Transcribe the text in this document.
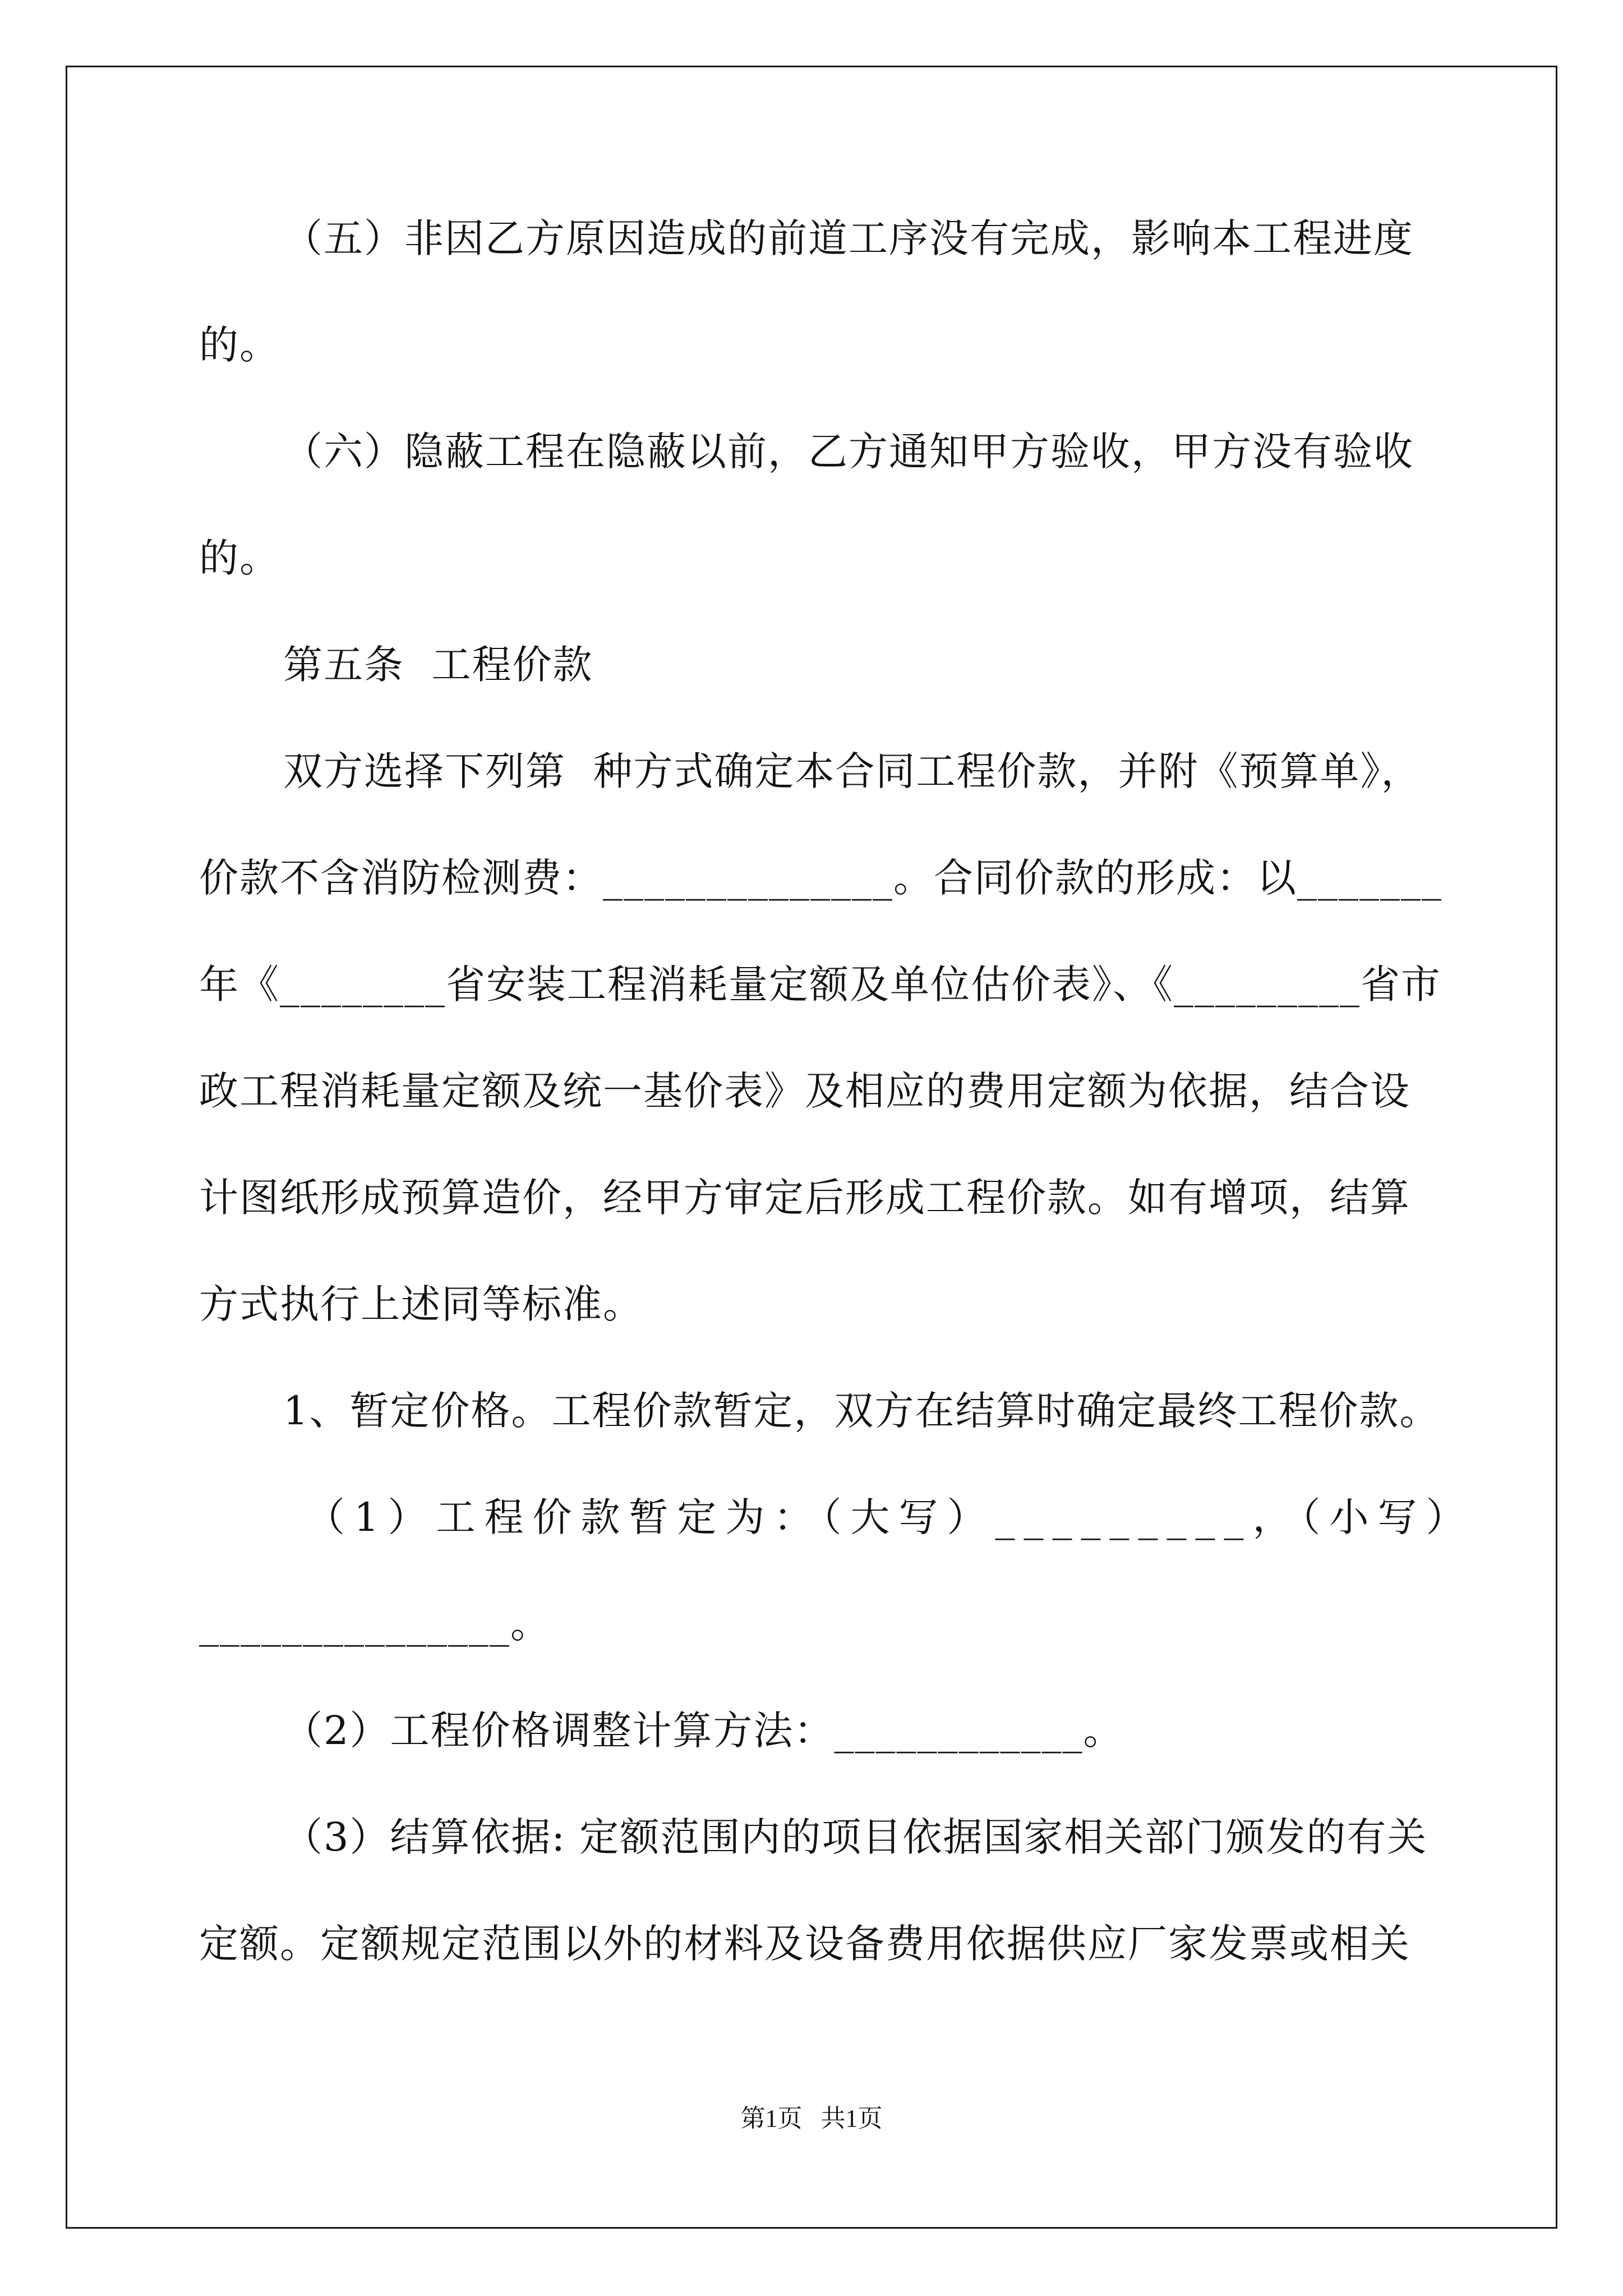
（五）非因乙方原因造成的前道工序没有完成，影响本工程进度
的。
（六）隐蔽工程在隐蔽以前，乙方通知甲方验收，甲方没有验收
的。
第五条  工程价款
双方选择下列第  种方式确定本合同工程价款，并附《预算单》，
价款不含消防检测费：______________。合同价款的形成：以_______
年《________省安装工程消耗量定额及单位估价表》、《_________省市
政工程消耗量定额及统一基价表》及相应的费用定额为依据，结合设
计图纸形成预算造价，经甲方审定后形成工程价款。如有增项，结算
方式执行上述同等标准。
1、暂定价格。工程价款暂定，双方在结算时确定最终工程价款。
（1）工程价款暂定为：（大写）_________，（小写）
_______________。
（2）工程价格调整计算方法：____________。
（3）结算依据: 定额范围内的项目依据国家相关部门颁发的有关
定额。定额规定范围以外的材料及设备费用依据供应厂家发票或相关
第1页   共1页
